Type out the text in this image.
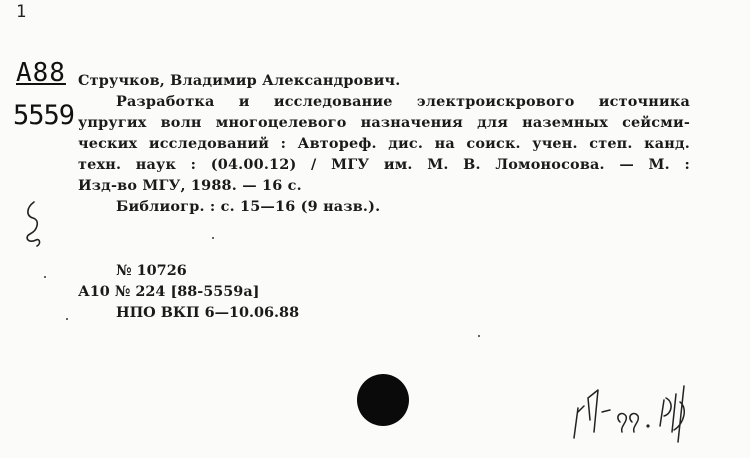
1
А88
5559
Стручков, Владимир Александрович.
Разработка и исследование электроискрового источника
упругих волн многоцелевого назначения для наземных сейсми-
ческих исследований : Автореф. дис. на соиск. учен. степ. канд.
техн. наук : (04.00.12) / МГУ им. М. В. Ломоносова. — М. :
Изд-во МГУ, 1988. — 16 с.
Библиогр. : с. 15—16 (9 назв.).
№ 10726
А10 № 224 [88-5559а]
НПО ВКП 6—10.06.88
